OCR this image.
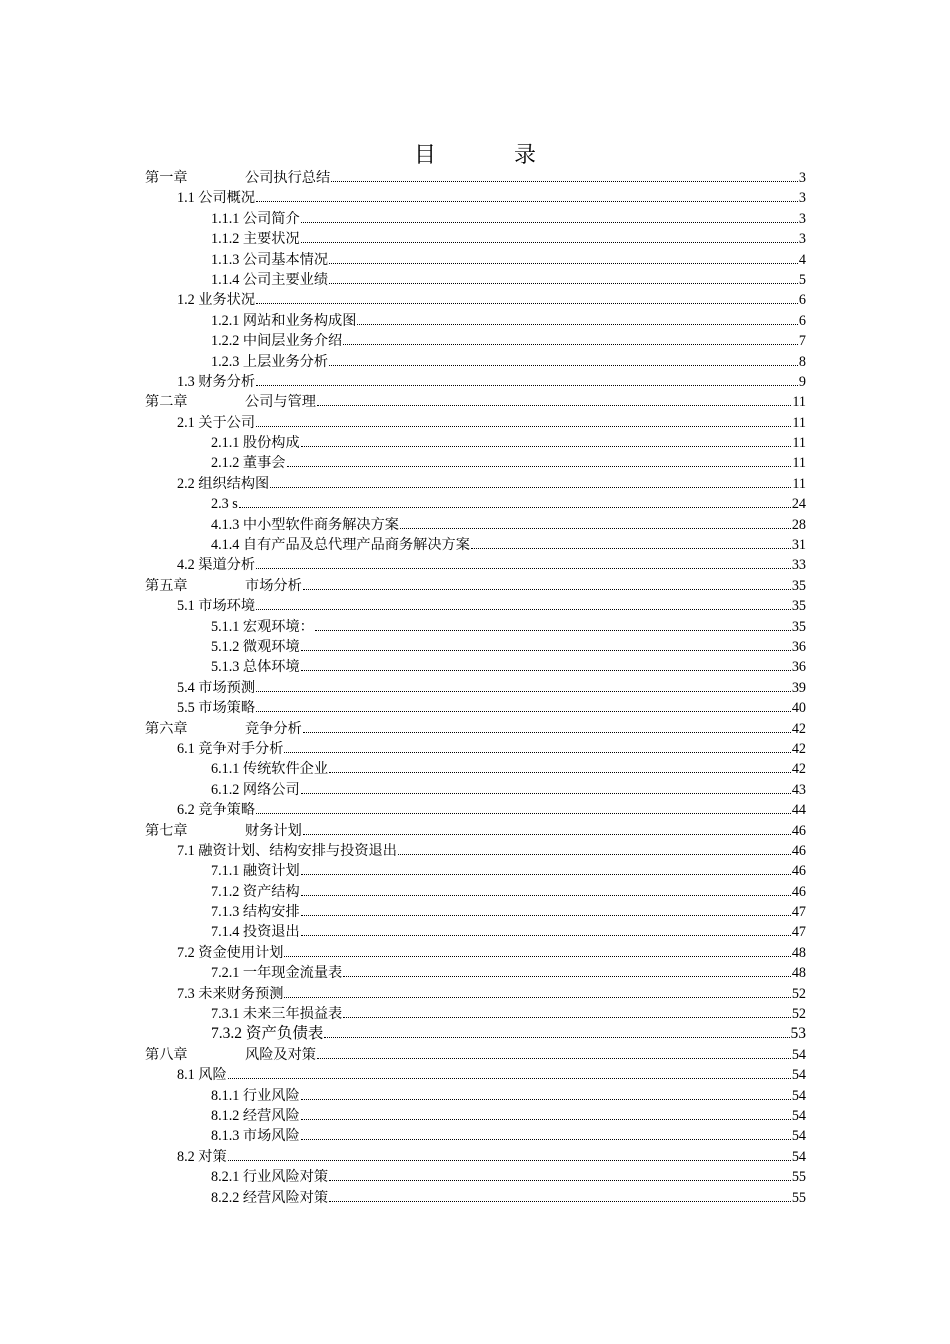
目　录
第一章	公司执行总结	3
1.1 公司概况	3
1.1.1 公司简介	3
1.1.2 主要状况	3
1.1.3 公司基本情况	4
1.1.4 公司主要业绩	5
1.2 业务状况	6
1.2.1 网站和业务构成图	6
1.2.2 中间层业务介绍	7
1.2.3 上层业务分析	8
1.3 财务分析	9
第二章	公司与管理	11
2.1 关于公司	11
2.1.1 股份构成	11
2.1.2 董事会	11
2.2 组织结构图	11
2.3 s	24
4.1.3 中小型软件商务解决方案	28
4.1.4 自有产品及总代理产品商务解决方案	31
4.2 渠道分析	33
第五章	市场分析	35
5.1 市场环境	35
5.1.1 宏观环境：	35
5.1.2 微观环境	36
5.1.3 总体环境	36
5.4 市场预测	39
5.5 市场策略	40
第六章	竞争分析	42
6.1 竞争对手分析	42
6.1.1 传统软件企业	42
6.1.2 网络公司	43
6.2 竞争策略	44
第七章	财务计划	46
7.1 融资计划、结构安排与投资退出	46
7.1.1 融资计划	46
7.1.2 资产结构	46
7.1.3 结构安排	47
7.1.4 投资退出	47
7.2 资金使用计划	48
7.2.1 一年现金流量表	48
7.3 未来财务预测	52
7.3.1 未来三年损益表	52
7.3.2 资产负债表	53
第八章	风险及对策	54
8.1 风险	54
8.1.1 行业风险	54
8.1.2 经营风险	54
8.1.3 市场风险	54
8.2 对策	54
8.2.1 行业风险对策	55
8.2.2 经营风险对策	55
